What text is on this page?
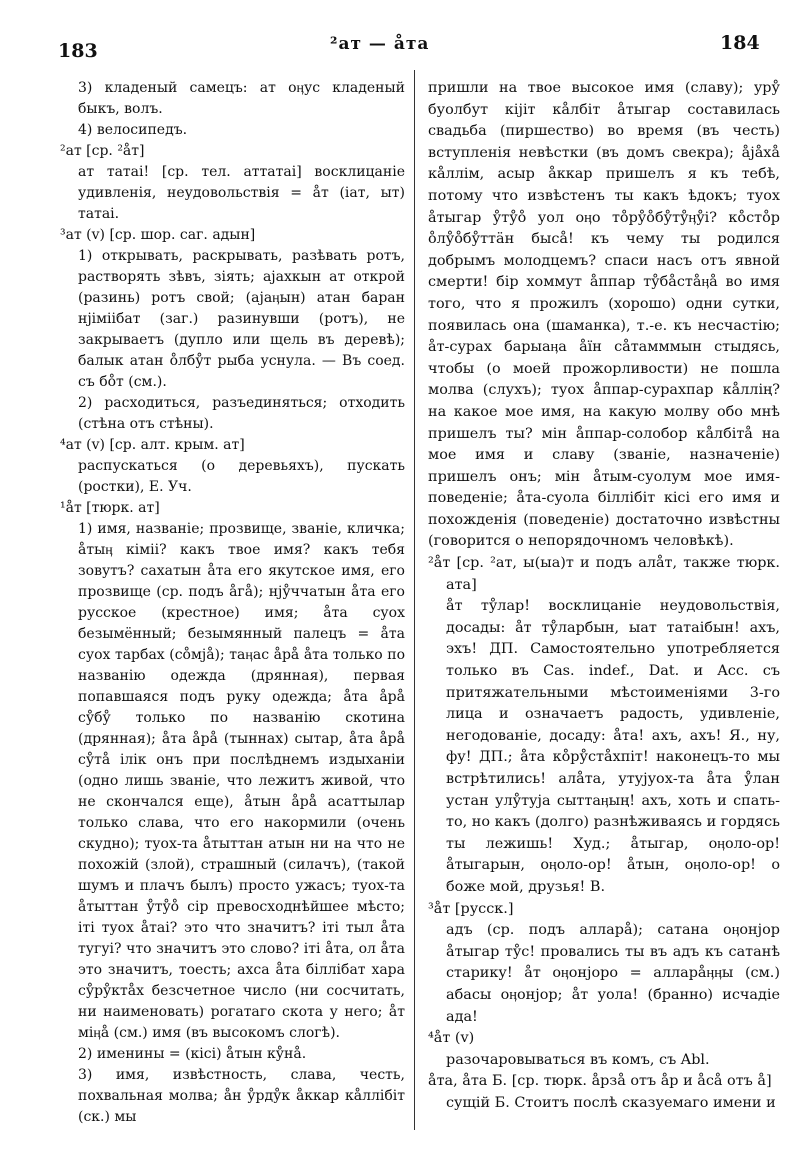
183	²ат — а̊та	184

3) кладеный самецъ: ат оӊус кладеный быкъ, волъ.

4) велосипедъ.

²ат [ср. ²а̊т]

ат татаі! [ср. тел. аттатаі] восклицаніе удивленія, неудовольствія = а̊т (іат, ыт) татаі.

³ат (v) [ср. шор. саг. адын]

1) открывать, раскрывать, разѣвать ротъ, растворять зѣвъ, зіять; аjахкын ат открой (разинь) ротъ свой; (аjаӊын) атан баран нjіміібат (заг.) разинувши (ротъ), не закрываетъ (дупло или щель въ деревѣ); балык атан о̊лбу̊т рыба уснула. — Въ соед. съ бо̊т (см.).

2) расходиться, разъединяться; отходить (стѣна отъ стѣны).

⁴ат (v) [ср. алт. крым. ат]

распускаться (о деревьяхъ), пускать (ростки), Е. Уч.

¹а̊т [тюрк. ат]

1) имя, названіе; прозвище, званіе, кличка; а̊тыӊ кіміі? какъ твое имя? какъ тебя зовутъ? сахатын а̊та его якутское имя, его прозвище (ср. подъ а̊га̊); нjу̊ччатын а̊та его русское (крестное) имя; а̊та суох безымённый; безымянный палецъ = а̊та суох тарбах (со̊мjа̊); таӊас а̊ра̊ а̊та только по названію одежда (дрянная), первая попавшаяся подъ руку одежда; а̊та а̊ра̊ су̊бу̊ только по названію скотина (дрянная); а̊та а̊ра̊ (тыннах) сытар, а̊та а̊ра̊ су̊та̊ ілік онъ при послѣднемъ издыханіи (одно лишь званіе, что лежитъ живой, что не скончался еще), а̊тын а̊ра̊ асаттылар только слава, что его накормили (очень скудно); туох-та а̊тыттан атын ни на что не похожій (злой), страшный (силачъ), (такой шумъ и плачъ былъ) просто ужасъ; туох-та а̊тыттан у̊ту̊о̊ сір превосходнѣйшее мѣсто; іті туох а̊таі? это что значитъ? іті тыл а̊та тугуі? что значитъ это слово? іті а̊та, ол а̊та это значитъ, тоесть; ахса а̊та біллібат хара су̊ру̊кта̊х безсчетное число (ни сосчитать, ни наименовать) рогатаго скота у него; а̊т міӊа̊ (см.) имя (въ высокомъ слогѣ).

2) именины = (кісі) а̊тын ку̊на̊.

3) имя, извѣстность, слава, честь, похвальная молва; а̊н у̊рду̊к а̊ккар ка̊ллібіт (ск.) мы

пришли на твое высокое имя (славу); уру̊ буолбут кіjіт ка̊лбіт а̊тыгар составилась свадьба (пиршество) во время (въ честь) вступленія невѣстки (въ домъ свекра); а̊jа̊ха̊ ка̊ллім, асыр а̊ккар пришелъ я къ тебѣ, потому что извѣстенъ ты какъ ѣдокъ; туох а̊тыгар у̊ту̊о̊ уол оӊо то̊ру̊о̊бу̊ту̊ӊу̊і? ко̊сто̊р о̊лу̊о̊бу̊ттӓн быса̊! къ чему ты родился добрымъ молодцемъ? спаси насъ отъ явной смерти! бір хоммут а̊ппар ту̊ба̊ста̊ӊа̊ во имя того, что я прожилъ (хорошо) одни сутки, появилась она (шаманка), т.-е. къ несчастію; а̊т-сурах барыаӊа а̊їн са̊тамммын стыдясь, чтобы (о моей прожорливости) не пошла молва (слухъ); туох а̊ппар-сурахпар ка̊ллің? на какое мое имя, на какую молву обо мнѣ пришелъ ты? мін а̊ппар-солобор ка̊лбіта̊ на мое имя и славу (званіе, назначеніе) пришелъ онъ; мін а̊тым-суолум мое имя-поведеніе; а̊та-суола біллібіт кісі его имя и похожденія (поведеніе) достаточно извѣстны (говорится о непорядочномъ человѣкѣ).

²а̊т [ср. ²ат, ы(ыа)т и подъ ала̊т, также тюрк. ата]

а̊т ту̊лар! восклицаніе неудовольствія, досады: а̊т ту̊ларбын, ыат татаібын! ахъ, эхъ! ДП. Самостоятельно употребляется только въ Cas. indef., Dat. и Acc. съ притяжательными мѣстоименіями 3-го лица и означаетъ радость, удивленіе, негодованіе, досаду: а̊та! ахъ, ахъ! Я., ну, фу! ДП.; а̊та ко̊ру̊ста̊хпіт! наконецъ-то мы встрѣтились! ала̊та, утуjуох-та а̊та у̊лан устан улу̊туjа сыттаӊың! ахъ, хоть и спать-то, но какъ (долго) разнѣживаясь и гордясь ты лежишь! Худ.; а̊тыгар, оӊоло-ор! а̊тыгарын, оӊоло-ор! а̊тын, оӊоло-ор! о боже мой, друзья! В.

³а̊т [русск.]

адъ (ср. подъ аллара̊); сатана оӊонjор а̊тыгар ту̊с! провались ты въ адъ къ сатанѣ старику! а̊т оӊонjоро = аллара̊ӊӊы (см.) абасы оӊонjор; а̊т уола! (бранно) исчадіе ада!

⁴а̊т (v)

разочаровываться въ комъ, съ Abl.

а̊та, а̊та Б. [ср. тюрк. а̊рза̊ отъ а̊р и а̊са̊ отъ а̊]

сущій Б. Стоитъ послѣ сказуемаго имени и
